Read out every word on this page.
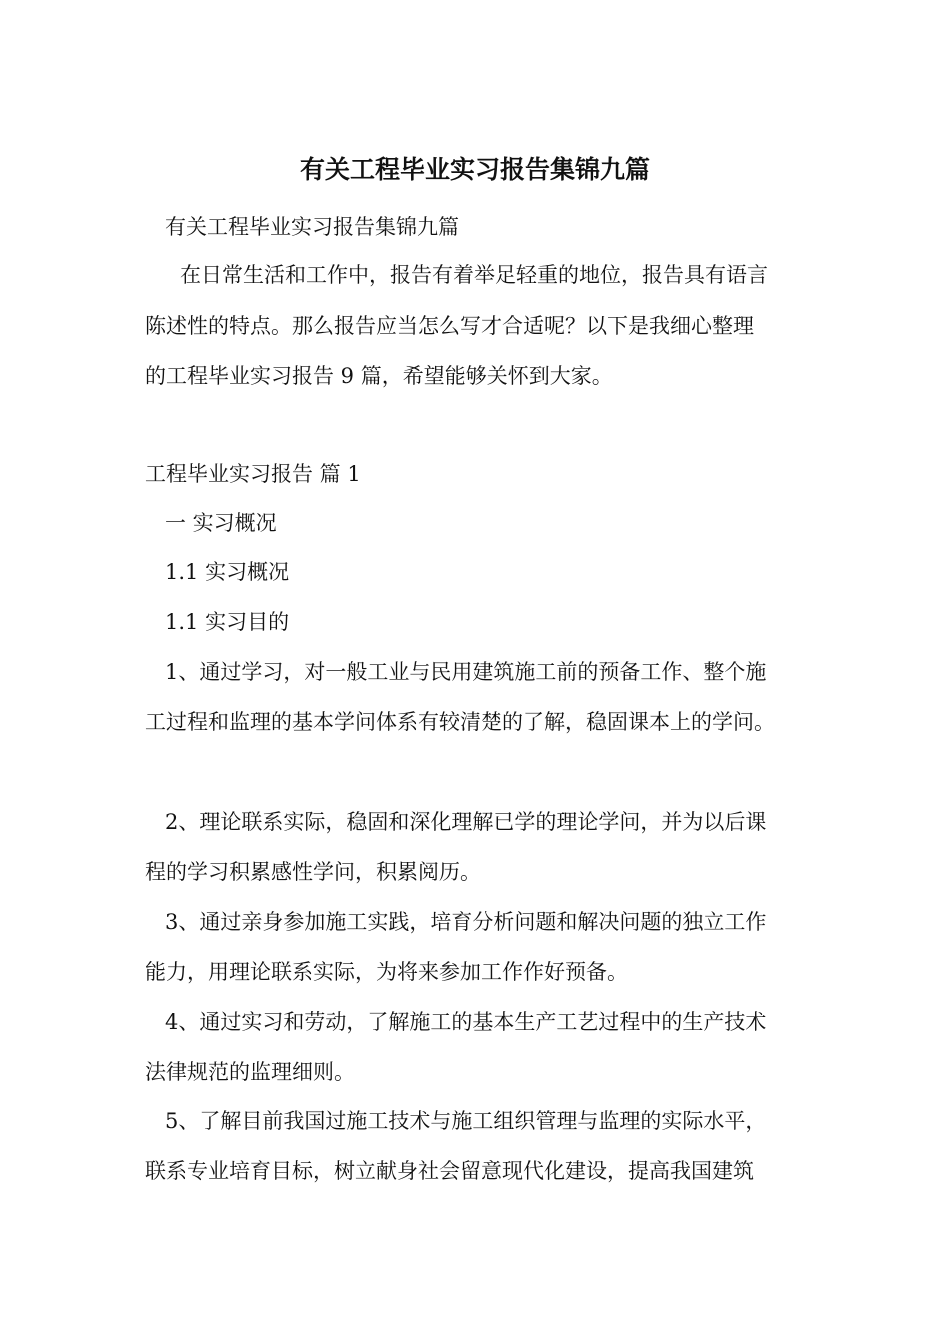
有关工程毕业实习报告集锦九篇
有关工程毕业实习报告集锦九篇
在日常生活和工作中，报告有着举足轻重的地位，报告具有语言
陈述性的特点。那么报告应当怎么写才合适呢？以下是我细心整理
的工程毕业实习报告 9 篇，希望能够关怀到大家。
工程毕业实习报告 篇 1
一 实习概况
1.1 实习概况
1.1 实习目的
1、通过学习，对一般工业与民用建筑施工前的预备工作、整个施
工过程和监理的基本学问体系有较清楚的了解，稳固课本上的学问。
2、理论联系实际，稳固和深化理解已学的理论学问，并为以后课
程的学习积累感性学问，积累阅历。
3、通过亲身参加施工实践，培育分析问题和解决问题的独立工作
能力，用理论联系实际，为将来参加工作作好预备。
4、通过实习和劳动，了解施工的基本生产工艺过程中的生产技术
法律规范的监理细则。
5、了解目前我国过施工技术与施工组织管理与监理的实际水平，
联系专业培育目标，树立献身社会留意现代化建设，提高我国建筑
